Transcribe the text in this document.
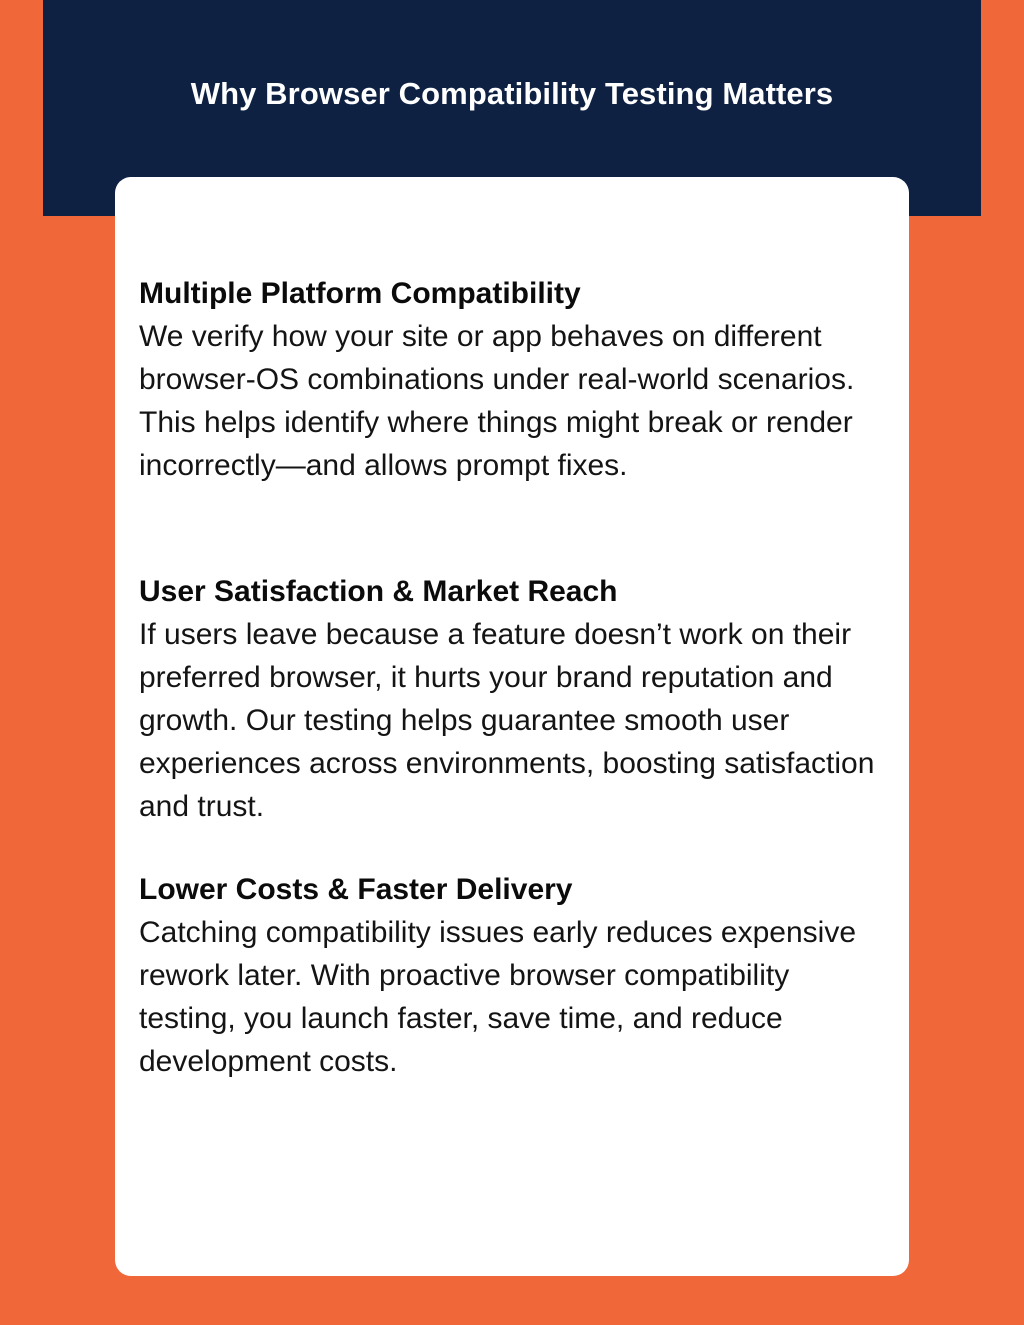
Why Browser Compatibility Testing Matters
Multiple Platform Compatibility

We verify how your site or app behaves on different browser-OS combinations under real-world scenarios. This helps identify where things might break or render incorrectly—and allows prompt fixes.

User Satisfaction & Market Reach

If users leave because a feature doesn’t work on their preferred browser, it hurts your brand reputation and growth. Our testing helps guarantee smooth user experiences across environments, boosting satisfaction and trust.

Lower Costs & Faster Delivery

Catching compatibility issues early reduces expensive rework later. With proactive browser compatibility testing, you launch faster, save time, and reduce development costs.
